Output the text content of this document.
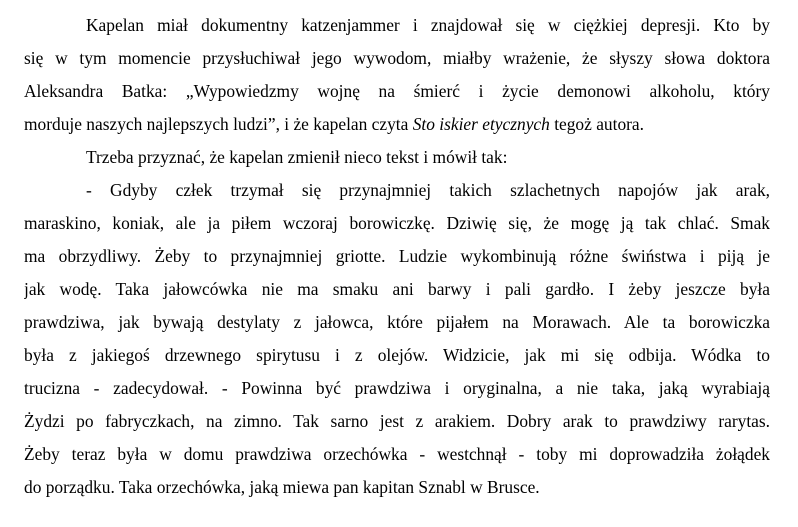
Kapelan miał dokumentny katzenjammer i znajdował się w ciężkiej depresji. Kto by
się w tym momencie przysłuchiwał jego wywodom, miałby wrażenie, że słyszy słowa doktora
Aleksandra Batka: „Wypowiedzmy wojnę na śmierć i życie demonowi alkoholu, który
morduje naszych najlepszych ludzi”, i że kapelan czyta Sto iskier etycznych tegoż autora.
Trzeba przyznać, że kapelan zmienił nieco tekst i mówił tak:
- Gdyby człek trzymał się przynajmniej takich szlachetnych napojów jak arak,
maraskino, koniak, ale ja piłem wczoraj borowiczkę. Dziwię się, że mogę ją tak chlać. Smak
ma obrzydliwy. Żeby to przynajmniej griotte. Ludzie wykombinują różne świństwa i piją je
jak wodę. Taka jałowcówka nie ma smaku ani barwy i pali gardło. I żeby jeszcze była
prawdziwa, jak bywają destylaty z jałowca, które pijałem na Morawach. Ale ta borowiczka
była z jakiegoś drzewnego spirytusu i z olejów. Widzicie, jak mi się odbija. Wódka to
trucizna - zadecydował. - Powinna być prawdziwa i oryginalna, a nie taka, jaką wyrabiają
Żydzi po fabryczkach, na zimno. Tak sarno jest z arakiem. Dobry arak to prawdziwy rarytas.
Żeby teraz była w domu prawdziwa orzechówka - westchnął - toby mi doprowadziła żołądek
do porządku. Taka orzechówka, jaką miewa pan kapitan Sznabl w Brusce.
